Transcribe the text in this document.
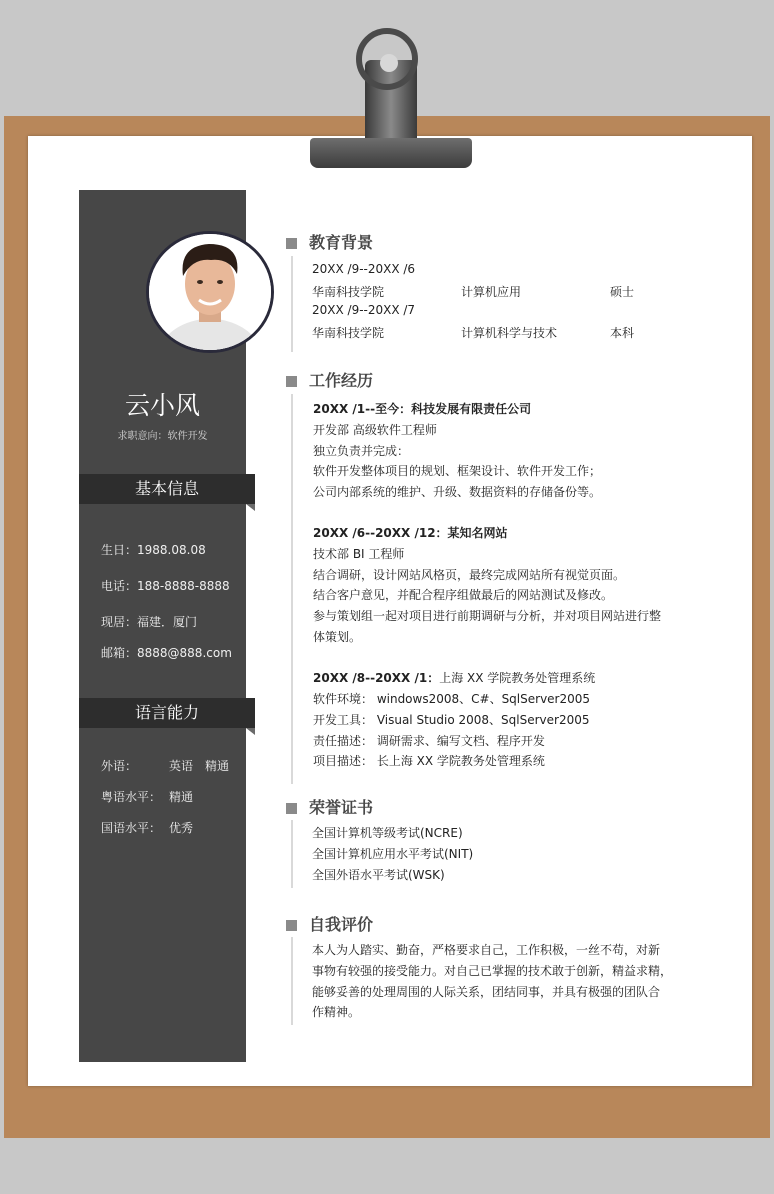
云小风
求职意向：软件开发
基本信息
生日：1988.08.08
电话：188-8888-8888
现居：福建．厦门
邮箱：8888@888.com
语言能力
外语：	英语　精通
粤语水平： 精通
国语水平： 优秀
教育背景
20XX /9--20XX /6
华南科技学院	计算机应用	硕士
20XX /9--20XX /7
华南科技学院	计算机科学与技术	本科
工作经历
20XX /1--至今：科技发展有限责任公司
开发部 高级软件工程师
独立负责并完成：
软件开发整体项目的规划、框架设计、软件开发工作；
公司内部系统的维护、升级、数据资料的存储备份等。
20XX /6--20XX /12：某知名网站
技术部 BI 工程师
结合调研，设计网站风格页，最终完成网站所有视觉页面。
结合客户意见，并配合程序组做最后的网站测试及修改。
参与策划组一起对项目进行前期调研与分析，并对项目网站进行整
体策划。
20XX /8--20XX /1：上海 XX 学院教务处管理系统
软件环境： windows2008、C#、SqlServer2005
开发工具： Visual Studio 2008、SqlServer2005
责任描述： 调研需求、编写文档、程序开发
项目描述： 长上海 XX 学院教务处管理系统
荣誉证书
全国计算机等级考试(NCRE)
全国计算机应用水平考试(NIT)
全国外语水平考试(WSK)
自我评价
本人为人踏实、勤奋，严格要求自己，工作积极，一丝不苟，对新
事物有较强的接受能力。对自己已掌握的技术敢于创新，精益求精，
能够妥善的处理周围的人际关系，团结同事，并具有极强的团队合
作精神。
